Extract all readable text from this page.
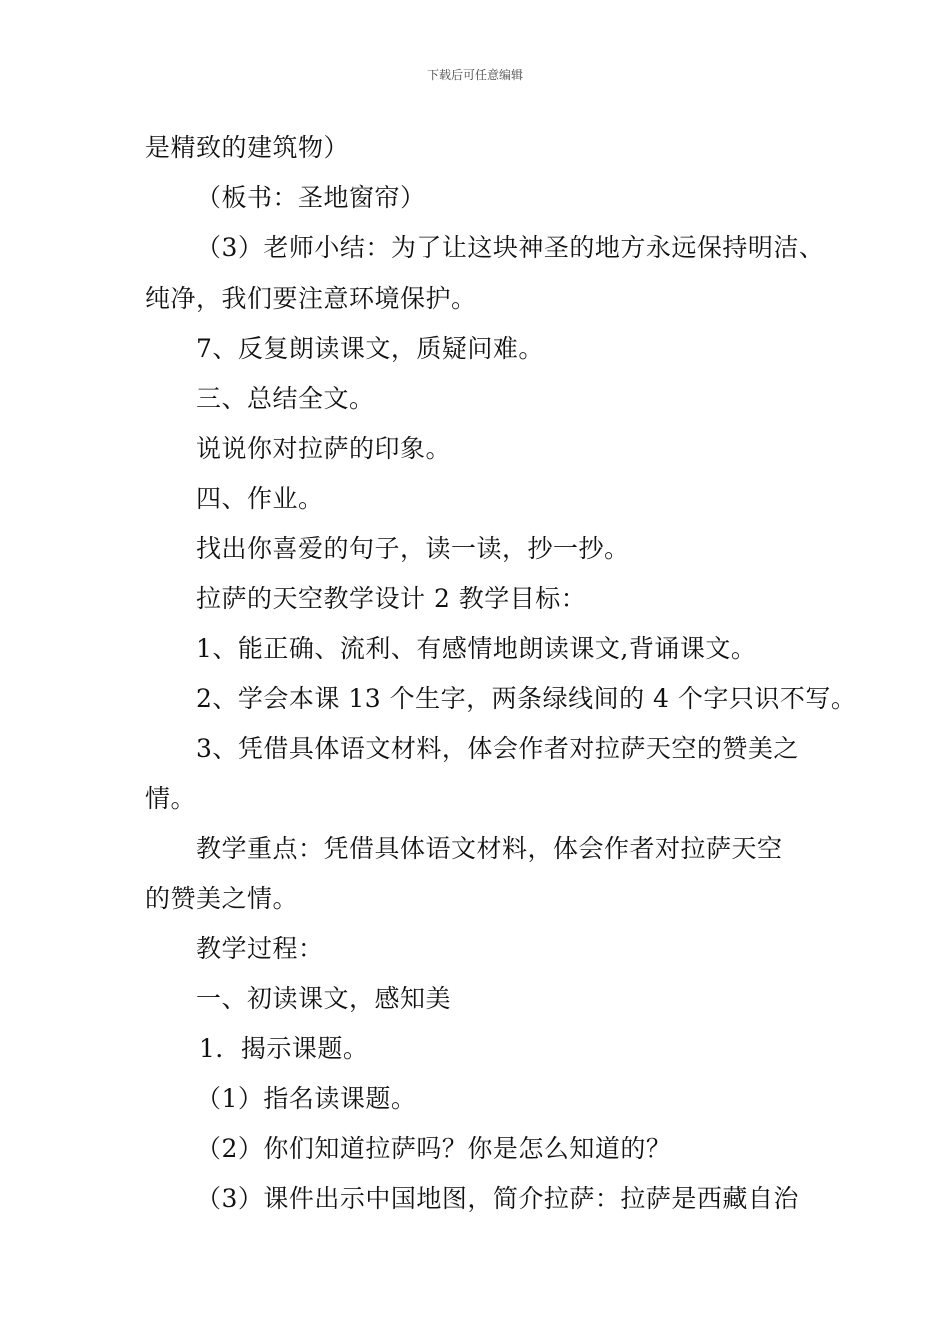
下载后可任意编辑
是精致的建筑物）
（板书：圣地窗帘）
（3）老师小结：为了让这块神圣的地方永远保持明洁、
纯净，我们要注意环境保护。
7、反复朗读课文，质疑问难。
三、总结全文。
说说你对拉萨的印象。
四、作业。
找出你喜爱的句子，读一读，抄一抄。
拉萨的天空教学设计 2 教学目标：
1、能正确、流利、有感情地朗读课文,背诵课文。
2、学会本课 13 个生字，两条绿线间的 4 个字只识不写。
3、凭借具体语文材料，体会作者对拉萨天空的赞美之
情。
教学重点：凭借具体语文材料，体会作者对拉萨天空
的赞美之情。
教学过程：
一、初读课文，感知美
1．揭示课题。
（1）指名读课题。
（2）你们知道拉萨吗？你是怎么知道的？
（3）课件出示中国地图，简介拉萨：拉萨是西藏自治
